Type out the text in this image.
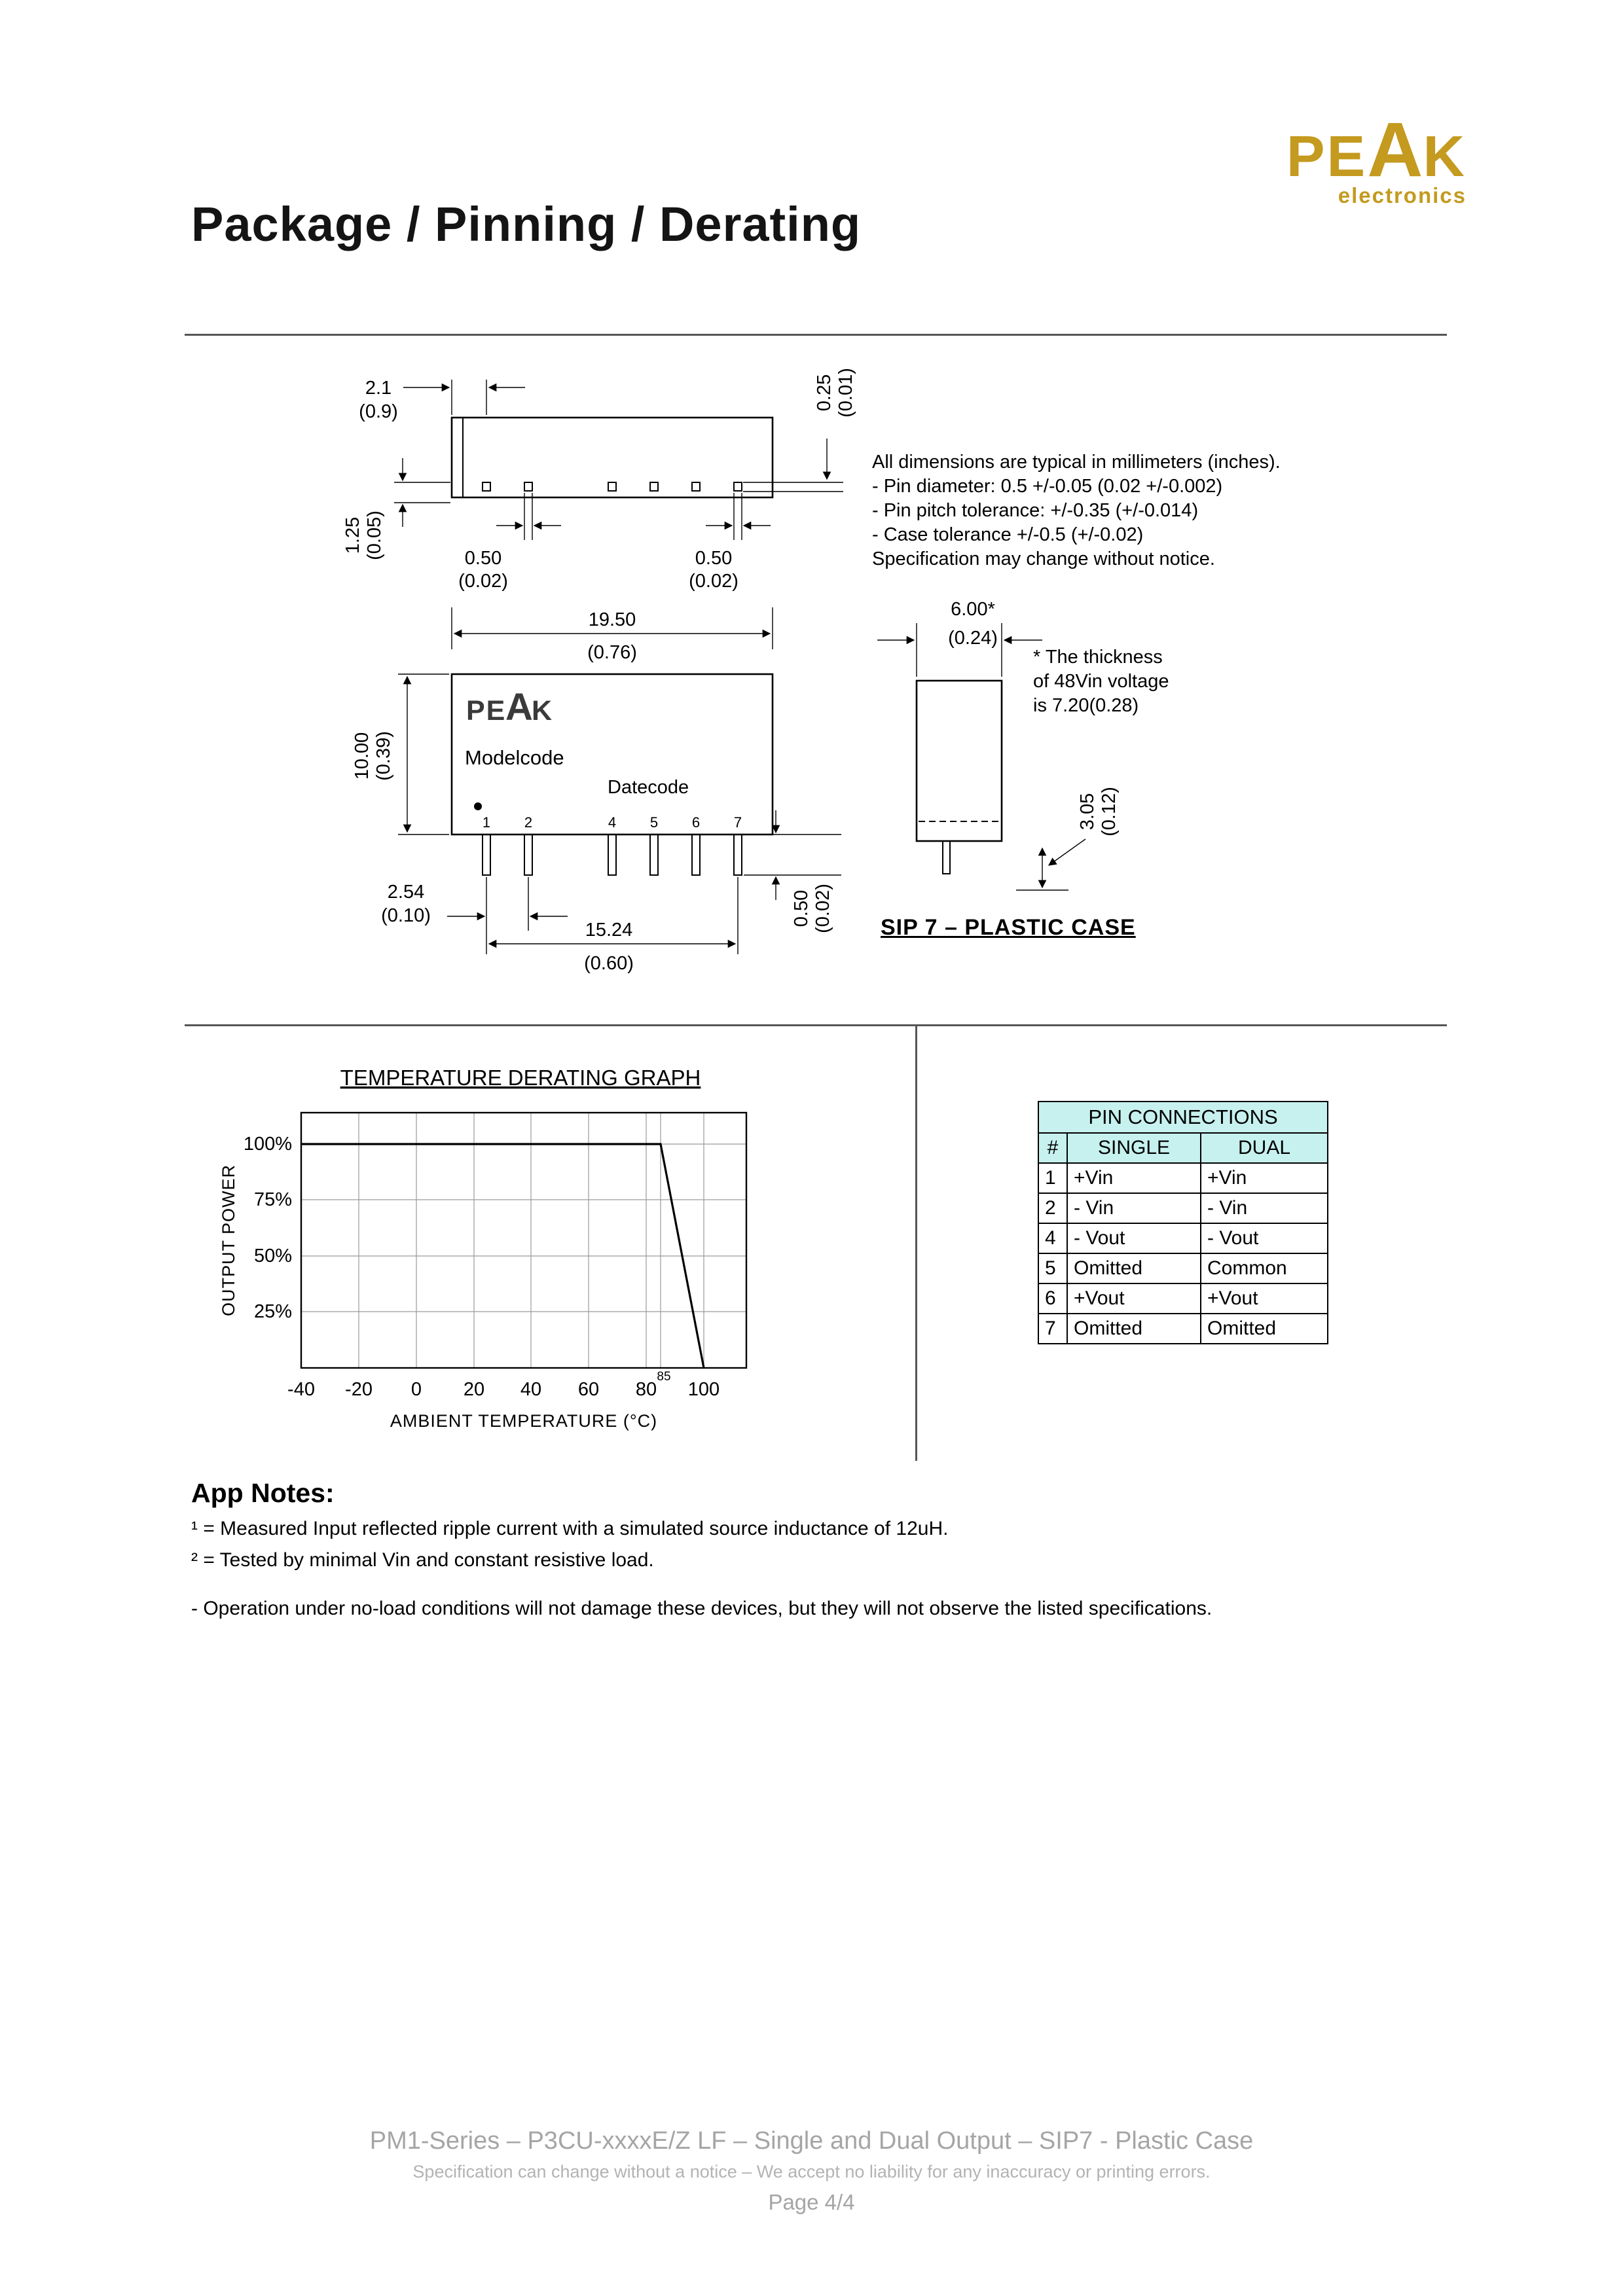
Package / Pinning / Derating
PEAK
electronics
2.1
(0.9)
0.25 (0.01)
1.25 (0.05)	0.50
(0.02)
0.50
(0.02)
19.50
(0.76)
PE
A
K
Modelcode
Datecode
1 2	4 5 6 7
10.00 (0.39)
2.54
(0.10)
15.24
(0.60)
0.50 (0.02)
6.00*
(0.24)
3.05 (0.12)
All dimensions are typical in millimeters (inches).
- Pin diameter: 0.5 +/-0.05 (0.02 +/-0.002)
- Pin pitch tolerance: +/-0.35 (+/-0.014)
- Case tolerance +/-0.5 (+/-0.02)
Specification may change without notice.
* The thickness
of 48Vin voltage
is 7.20(0.28)
SIP 7 – PLASTIC CASE
TEMPERATURE DERATING GRAPH
100%
75%
50%
25%
OUTPUT POWER
-40 -20 0 20 40 60 80 100
85
AMBIENT TEMPERATURE (°C)
PIN CONNECTIONS		
#	SINGLE	DUAL
1	+Vin	+Vin
2	- Vin	- Vin
4	- Vout	- Vout
5	Omitted	Common
6	+Vout	+Vout
7	Omitted	Omitted
App Notes:
¹ = Measured Input reflected ripple current with a simulated source inductance of 12uH.
² = Tested by minimal Vin and constant resistive load.
- Operation under no-load conditions will not damage these devices, but they will not observe the listed specifications.
PM1-Series – P3CU-xxxxE/Z LF – Single and Dual Output – SIP7 - Plastic Case
Specification can change without a notice – We accept no liability for any inaccuracy or printing errors.
Page 4/4
